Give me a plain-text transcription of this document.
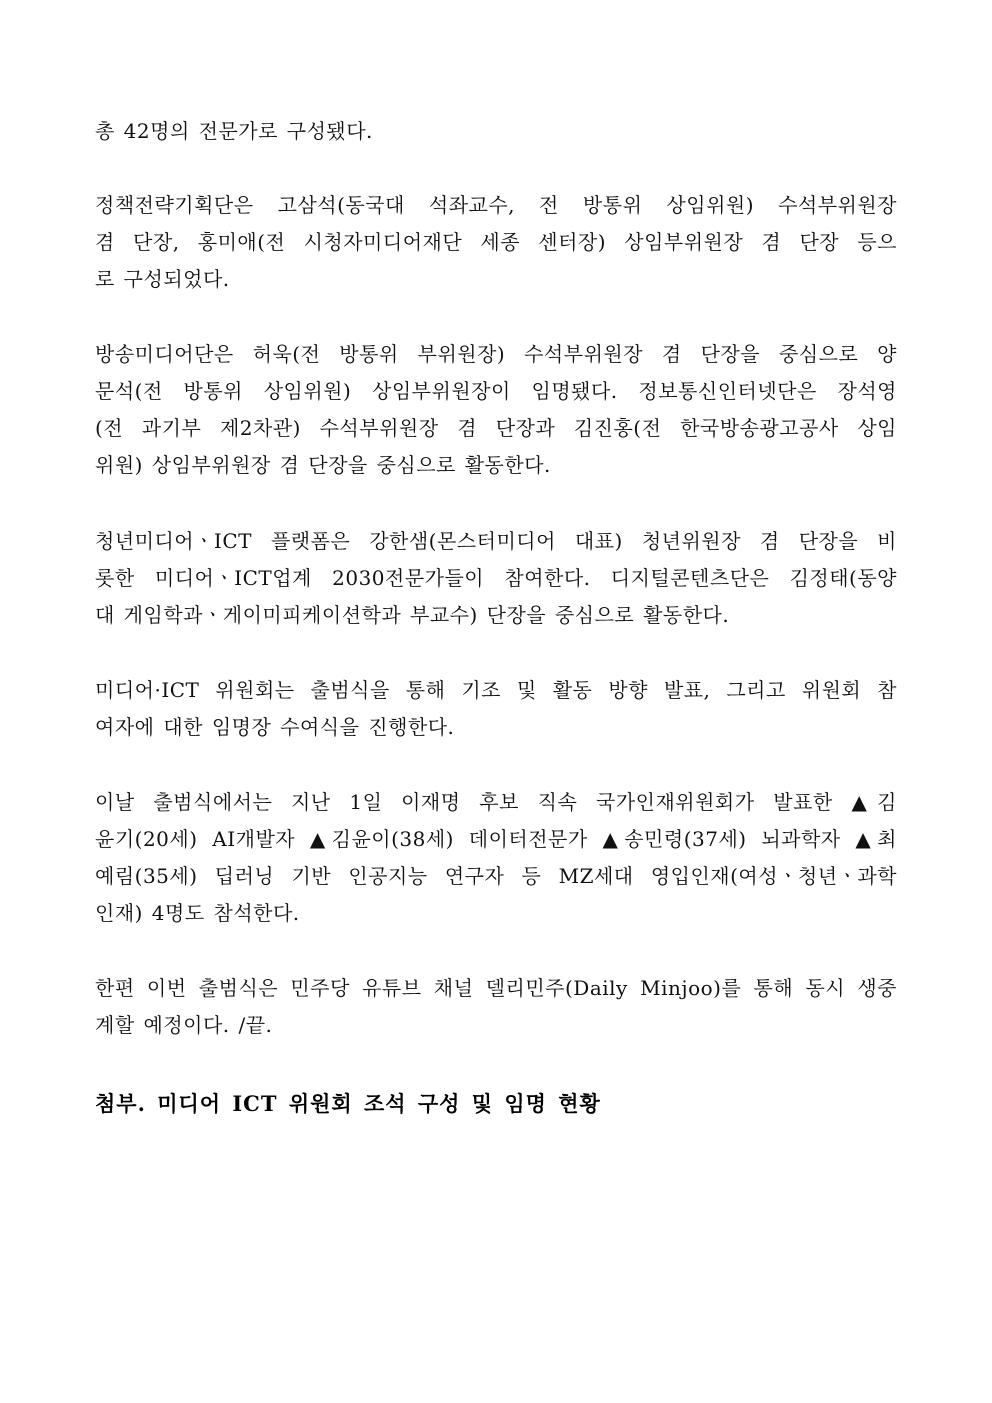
총 42명의 전문가로 구성됐다.

정책전략기획단은 고삼석(동국대 석좌교수, 전 방통위 상임위원) 수석부위원장
겸 단장, 홍미애(전 시청자미디어재단 세종 센터장) 상임부위원장 겸 단장 등으
로 구성되었다.

방송미디어단은 허욱(전 방통위 부위원장) 수석부위원장 겸 단장을 중심으로 양
문석(전 방통위 상임위원) 상임부위원장이 임명됐다. 정보통신인터넷단은 장석영
(전 과기부 제2차관) 수석부위원장 겸 단장과 김진홍(전 한국방송광고공사 상임
위원) 상임부위원장 겸 단장을 중심으로 활동한다.

청년미디어ㆍICT 플랫폼은 강한샘(몬스터미디어 대표) 청년위원장 겸 단장을 비
롯한 미디어ㆍICT업계 2030전문가들이 참여한다. 디지털콘텐츠단은 김정태(동양
대 게임학과ㆍ게이미피케이션학과 부교수) 단장을 중심으로 활동한다.

미디어·ICT 위원회는 출범식을 통해 기조 및 활동 방향 발표, 그리고 위원회 참
여자에 대한 임명장 수여식을 진행한다.

이날 출범식에서는 지난 1일 이재명 후보 직속 국가인재위원회가 발표한 ▲김
윤기(20세) AI개발자 ▲김윤이(38세) 데이터전문가 ▲송민령(37세) 뇌과학자 ▲최
예림(35세) 딥러닝 기반 인공지능 연구자 등 MZ세대 영입인재(여성ㆍ청년ㆍ과학
인재) 4명도 참석한다.

한편 이번 출범식은 민주당 유튜브 채널 델리민주(Daily Minjoo)를 통해 동시 생중
계할 예정이다. /끝.

첨부. 미디어 ICT 위원회 조석 구성 및 임명 현황
